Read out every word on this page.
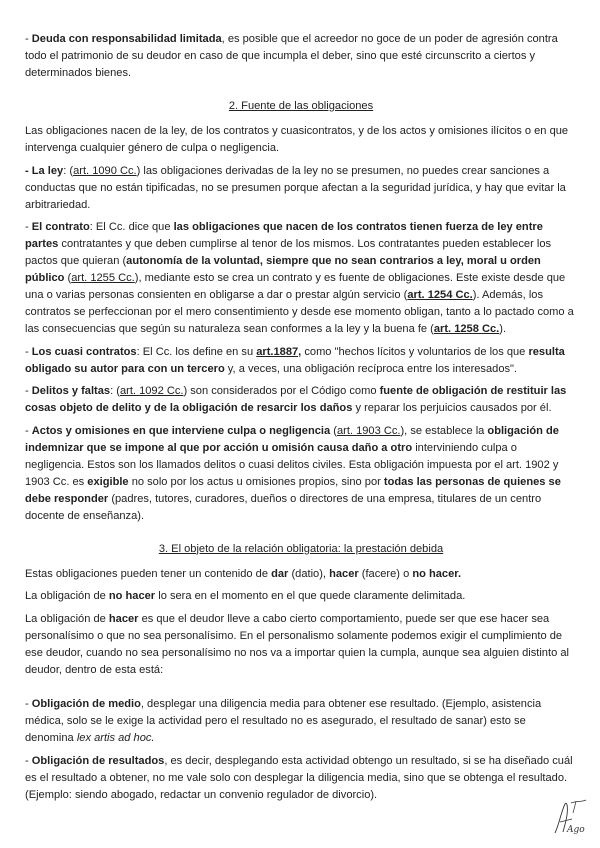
- Deuda con responsabilidad limitada, es posible que el acreedor no goce de un poder de agresión contra todo el patrimonio de su deudor en caso de que incumpla el deber, sino que esté circunscrito a ciertos y determinados bienes.

2. Fuente de las obligaciones

Las obligaciones nacen de la ley, de los contratos y cuasicontratos, y de los actos y omisiones ilícitos o en que intervenga cualquier género de culpa o negligencia.

- La ley: (art. 1090 Cc.) las obligaciones derivadas de la ley no se presumen, no puedes crear sanciones a conductas que no están tipificadas, no se presumen porque afectan a la seguridad jurídica, y hay que evitar la arbitrariedad.

- El contrato: El Cc. dice que las obligaciones que nacen de los contratos tienen fuerza de ley entre partes contratantes y que deben cumplirse al tenor de los mismos. Los contratantes pueden establecer los pactos que quieran (autonomía de la voluntad, siempre que no sean contrarios a ley, moral u orden público (art. 1255 Cc.), mediante esto se crea un contrato y es fuente de obligaciones. Este existe desde que una o varias personas consienten en obligarse a dar o prestar algún servicio (art. 1254 Cc.). Además, los contratos se perfeccionan por el mero consentimiento y desde ese momento obligan, tanto a lo pactado como a las consecuencias que según su naturaleza sean conformes a la ley y la buena fe (art. 1258 Cc.).

- Los cuasi contratos: El Cc. los define en su art.1887, como "hechos lícitos y voluntarios de los que resulta obligado su autor para con un tercero y, a veces, una obligación recíproca entre los interesados".

- Delitos y faltas: (art. 1092 Cc.) son considerados por el Código como fuente de obligación de restituir las cosas objeto de delito y de la obligación de resarcir los daños y reparar los perjuicios causados por él.

- Actos y omisiones en que interviene culpa o negligencia (art. 1903 Cc.), se establece la obligación de indemnizar que se impone al que por acción u omisión causa daño a otro interviniendo culpa o negligencia. Estos son los llamados delitos o cuasi delitos civiles. Esta obligación impuesta por el art. 1902 y 1903 Cc. es exigible no solo por los actus u omisiones propios, sino por todas las personas de quienes se debe responder (padres, tutores, curadores, dueños o directores de una empresa, titulares de un centro docente de enseñanza).

3. El objeto de la relación obligatoria: la prestación debida

Estas obligaciones pueden tener un contenido de dar (datio), hacer (facere) o no hacer.

La obligación de no hacer lo sera en el momento en el que quede claramente delimitada.

La obligación de hacer es que el deudor lleve a cabo cierto comportamiento, puede ser que ese hacer sea personalísimo o que no sea personalísimo. En el personalismo solamente podemos exigir el cumplimiento de ese deudor, cuando no sea personalísimo no nos va a importar quien la cumpla, aunque sea alguien distinto al deudor, dentro de esta está:

- Obligación de medio, desplegar una diligencia media para obtener ese resultado. (Ejemplo, asistencia médica, solo se le exige la actividad pero el resultado no es asegurado, el resultado de sanar) esto se denomina lex artis ad hoc.

- Obligación de resultados, es decir, desplegando esta actividad obtengo un resultado, si se ha diseñado cuál es el resultado a obtener, no me vale solo con desplegar la diligencia media, sino que se obtenga el resultado. (Ejemplo: siendo abogado, redactar un convenio regulador de divorcio).

Ago
